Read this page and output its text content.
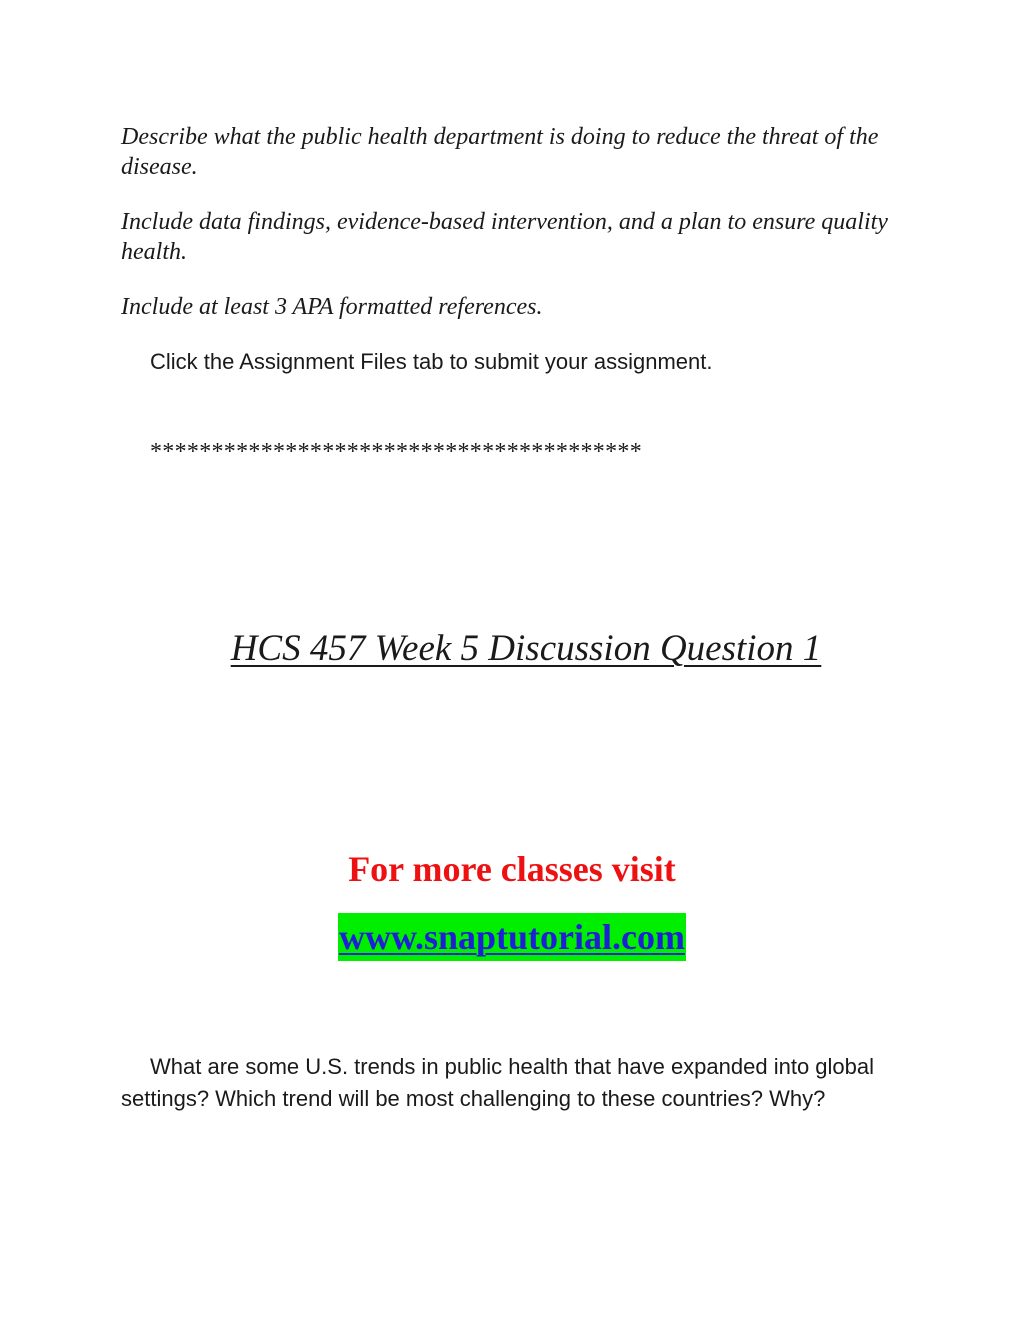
Describe what the public health department is doing to reduce the threat of the disease.

Include data findings, evidence-based intervention, and a plan to ensure quality health.

Include at least 3 APA formatted references.

Click the Assignment Files tab to submit your assignment.

****************************************

HCS 457 Week 5 Discussion Question 1

For more classes visit

www.snaptutorial.com

What are some U.S. trends in public health that have expanded into global settings? Which trend will be most challenging to these countries? Why?
